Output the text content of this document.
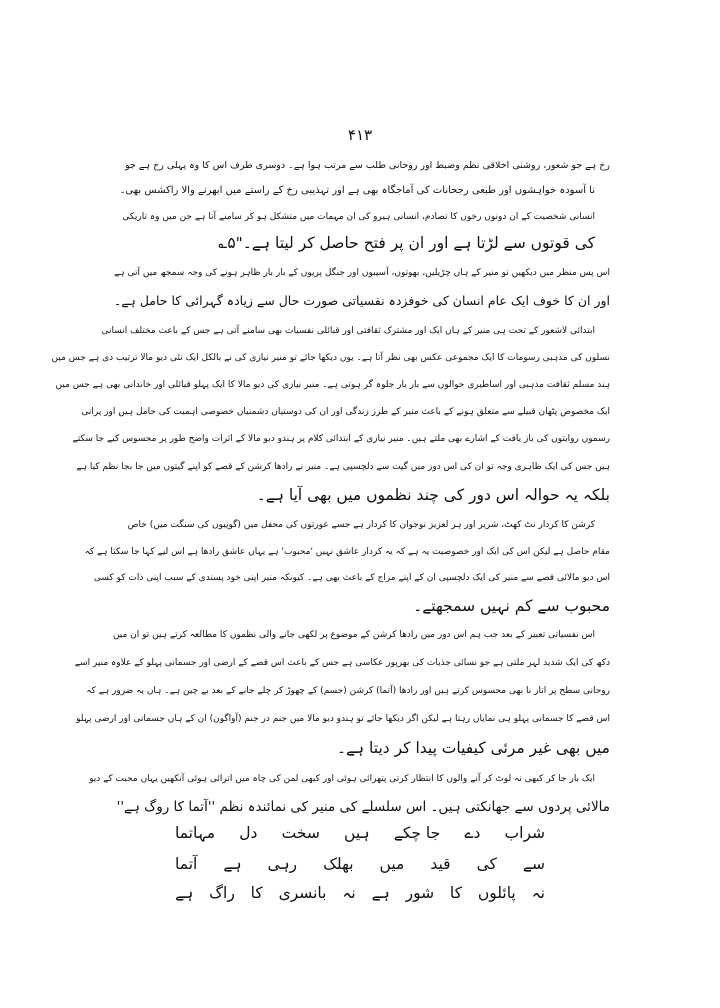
۴۱۳
رخ ہے جو شعور، روشنی اخلاقی نظم وضبط اور روحانی طلب سے مرتب ہوا ہے۔ دوسری طرف اس کا وہ پہلی رخ ہے جو
نا آسودہ خواہشوں اور طبعی رجحانات کی آماجگاہ بھی ہے اور تہذیبی رخ کے راستے میں ابھرنے والا راکشس بھی۔
انسانی شخصیت کے ان دونوں رخوں کا تصادم، انسانی ہیرو کی ان مہمات میں متشکل ہو کر سامنے آتا ہے جن میں وہ تاریکی
کی قوتوں سے لڑتا ہے اور ان پر فتح حاصل کر لیتا ہے۔"۵؎
اس پس منظر میں دیکھیں تو منیر کے ہاں چڑیلیں، بھوتوں، آسیبوں اور جنگل پریوں کے بار بار ظاہر ہونے کی وجہ سمجھ میں آتی ہے
اور ان کا خوف ایک عام انسان کی خوفزدہ نفسیاتی صورت حال سے زیادہ گہرائی کا حامل ہے۔
ابتدائی لاشعور کے تحت ہی منیر کے ہاں ایک اور مشترک ثقافتی اور قبائلی نفسیات بھی سامنے آتی ہے جس کے باعث مختلف انسانی
نسلوں کی مذہبی رسومات کا ایک مجموعی عکس بھی نظر آتا ہے۔ یوں دیکھا جائے تو منیر نیازی کی نے بالکل ایک نئی دیو مالا ترتیب دی ہے جس میں
ہند مسلم ثقافت مذہبی اور اساطیری حوالوں سے بار بار جلوہ گر ہوتی ہے۔ منیر نیازی کی دیو مالا کا ایک پہلو قبائلی اور خاندانی بھی ہے جس میں
ایک مخصوص پٹھان قبیلے سے متعلق ہونے کے باعث منیر کے طرز زندگی اور ان کی دوستیاں دشمنیاں خصوصی اہمیت کی حامل ہیں اور پرانی
رسموں روایتوں کی باز یافت کے اشارے بھی ملتے ہیں۔ منیر نیازی کے ابتدائی کلام پر ہندو دیو مالا کے اثرات واضح طور پر محسوس کیے جا سکتے
ہیں جس کی ایک ظاہری وجہ تو ان کی اس دور میں گیت سے دلچسپی ہے۔ منیر نے رادھا کرشن کے قصے کو اپنے گیتوں میں جا بجا نظم کیا ہے
بلکہ یہ حوالہ اس دور کی چند نظموں میں بھی آیا ہے۔
کرشن کا کردار نٹ کھٹ، شریر اور ہر لعزیز نوجوان کا کردار ہے جسے عورتوں کی محفل میں (گوپیوں کی سنگت میں) خاص
مقام حاصل ہے لیکن اس کی ایک اور خصوصیت یہ ہے کہ یہ کردار عاشق نہیں 'محبوب' ہے یہاں عاشق رادھا ہے اس لیے کہا جا سکتا ہے کہ
اس دیو مالائی قصے سے منیر کی ایک دلچسپی ان کے اپنے مزاج کے باعث بھی ہے۔ کیونکہ منیر اپنی خود پسندی کے سبب اپنی ذات کو کسی
محبوب سے کم نہیں سمجھتے۔
اس نفسیاتی تعبیر کے بعد جب ہم اس دور میں رادھا کرشن کے موضوع پر لکھی جانے والی نظموں کا مطالعہ کرتے ہیں تو ان میں
دکھ کی ایک شدید لہر ملتی ہے جو نسائی جذبات کی بھرپور عکاسی ہے جس کے باعث اس قصے کے ارضی اور جسمانی پہلو کے علاوہ منیر اسے
روحانی سطح پر اتار نا بھی محسوس کرتے ہیں اور رادھا (آتما) کرشن (جسم) کے چھوڑ کر چلے جانے کے بعد بے چین ہے۔ ہاں یہ ضرور ہے کہ
اس قصے کا جسمانی پہلو ہی نمایاں رہتا ہے لیکن اگر دیکھا جائے تو ہندو دیو مالا میں جنم در جنم (آواگون) ان کے ہاں جسمانی اور ارضی پہلو
میں بھی غیر مرئی کیفیات پیدا کر دیتا ہے۔
ایک بار جا کر کبھی نہ لوٹ کر آنے والوں کا انتظار کرتی پتھرائی ہوئی اور کبھی لمن کی چاہ میں اترائی ہوئی آنکھیں یہاں محبت کے دیو
مالائی پردوں سے جھانکتی ہیں۔ اس سلسلے کی منیر کی نمائندہ نظم ''آتما کا روگ ہے''
شراب
دے
جا چکے
ہیں
سخت
دل
مہاتما
سے
کی
قید
میں
بھلک
رہی
ہے
آتما
نہ
پائلوں
کا
شور
ہے
نہ
بانسری
کا
راگ
ہے
